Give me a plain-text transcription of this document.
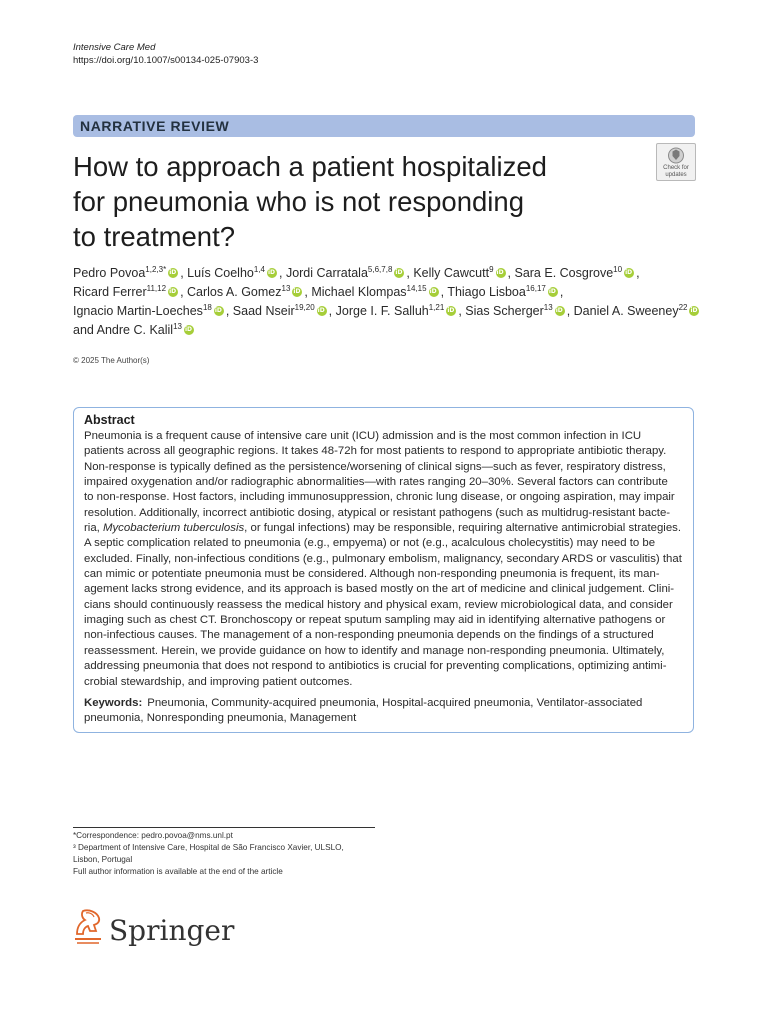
Intensive Care Med
https://doi.org/10.1007/s00134-025-07903-3
NARRATIVE REVIEW
How to approach a patient hospitalized
for pneumonia who is not responding
to treatment?
Check for
updates
Pedro Povoa$^{1,2,3*}$ iD , Luís Coelho$^{1,4}$ iD , Jordi Carratala$^{5,6,7,8}$ iD , Kelly Cawcutt$^9$ iD , Sara E. Cosgrove$^{10}$ iD ,
Ricard Ferrer$^{11,12}$ iD , Carlos A. Gomez$^{13}$ iD , Michael Klompas$^{14,15}$ iD , Thiago Lisboa$^{16,17}$ iD ,
Ignacio Martin-Loeches$^{18}$ iD , Saad Nseir$^{19,20}$ iD , Jorge I. F. Salluh$^{1,21}$ iD , Sias Scherger$^{13}$ iD , Daniel A. Sweeney$^{22}$iD
and Andre C. Kalil$^{13}$iD
© 2025 The Author(s)
Abstract
Pneumonia is a frequent cause of intensive care unit (ICU) admission and is the most common infection in ICU
patients across all geographic regions. It takes 48-72h for most patients to respond to appropriate antibiotic therapy.
Non-response is typically defined as the persistence/worsening of clinical signs—such as fever, respiratory distress,
impaired oxygenation and/or radiographic abnormalities—with rates ranging 20–30%. Several factors can contribute
to non-response. Host factors, including immunosuppression, chronic lung disease, or ongoing aspiration, may impair
resolution. Additionally, incorrect antibiotic dosing, atypical or resistant pathogens (such as multidrug-resistant bacte-
ria, Mycobacterium tuberculosis, or fungal infections) may be responsible, requiring alternative antimicrobial strategies.
A septic complication related to pneumonia (e.g., empyema) or not (e.g., acalculous cholecystitis) may need to be
excluded. Finally, non-infectious conditions (e.g., pulmonary embolism, malignancy, secondary ARDS or vasculitis) that
can mimic or potentiate pneumonia must be considered. Although non-responding pneumonia is frequent, its man-
agement lacks strong evidence, and its approach is based mostly on the art of medicine and clinical judgement. Clini-
cians should continuously reassess the medical history and physical exam, review microbiological data, and consider
imaging such as chest CT. Bronchoscopy or repeat sputum sampling may aid in identifying alternative pathogens or
non-infectious causes. The management of a non-responding pneumonia depends on the findings of a structured
reassessment. Herein, we provide guidance on how to identify and manage non-responding pneumonia. Ultimately,
addressing pneumonia that does not respond to antibiotics is crucial for preventing complications, optimizing antimi-
crobial stewardship, and improving patient outcomes.
Keywords: Pneumonia, Community-acquired pneumonia, Hospital-acquired pneumonia, Ventilator-associated
pneumonia, Nonresponding pneumonia, Management
*Correspondence: pedro.povoa@nms.unl.pt
³ Department of Intensive Care, Hospital de São Francisco Xavier, ULSLO,
Lisbon, Portugal
Full author information is available at the end of the article
Springer
